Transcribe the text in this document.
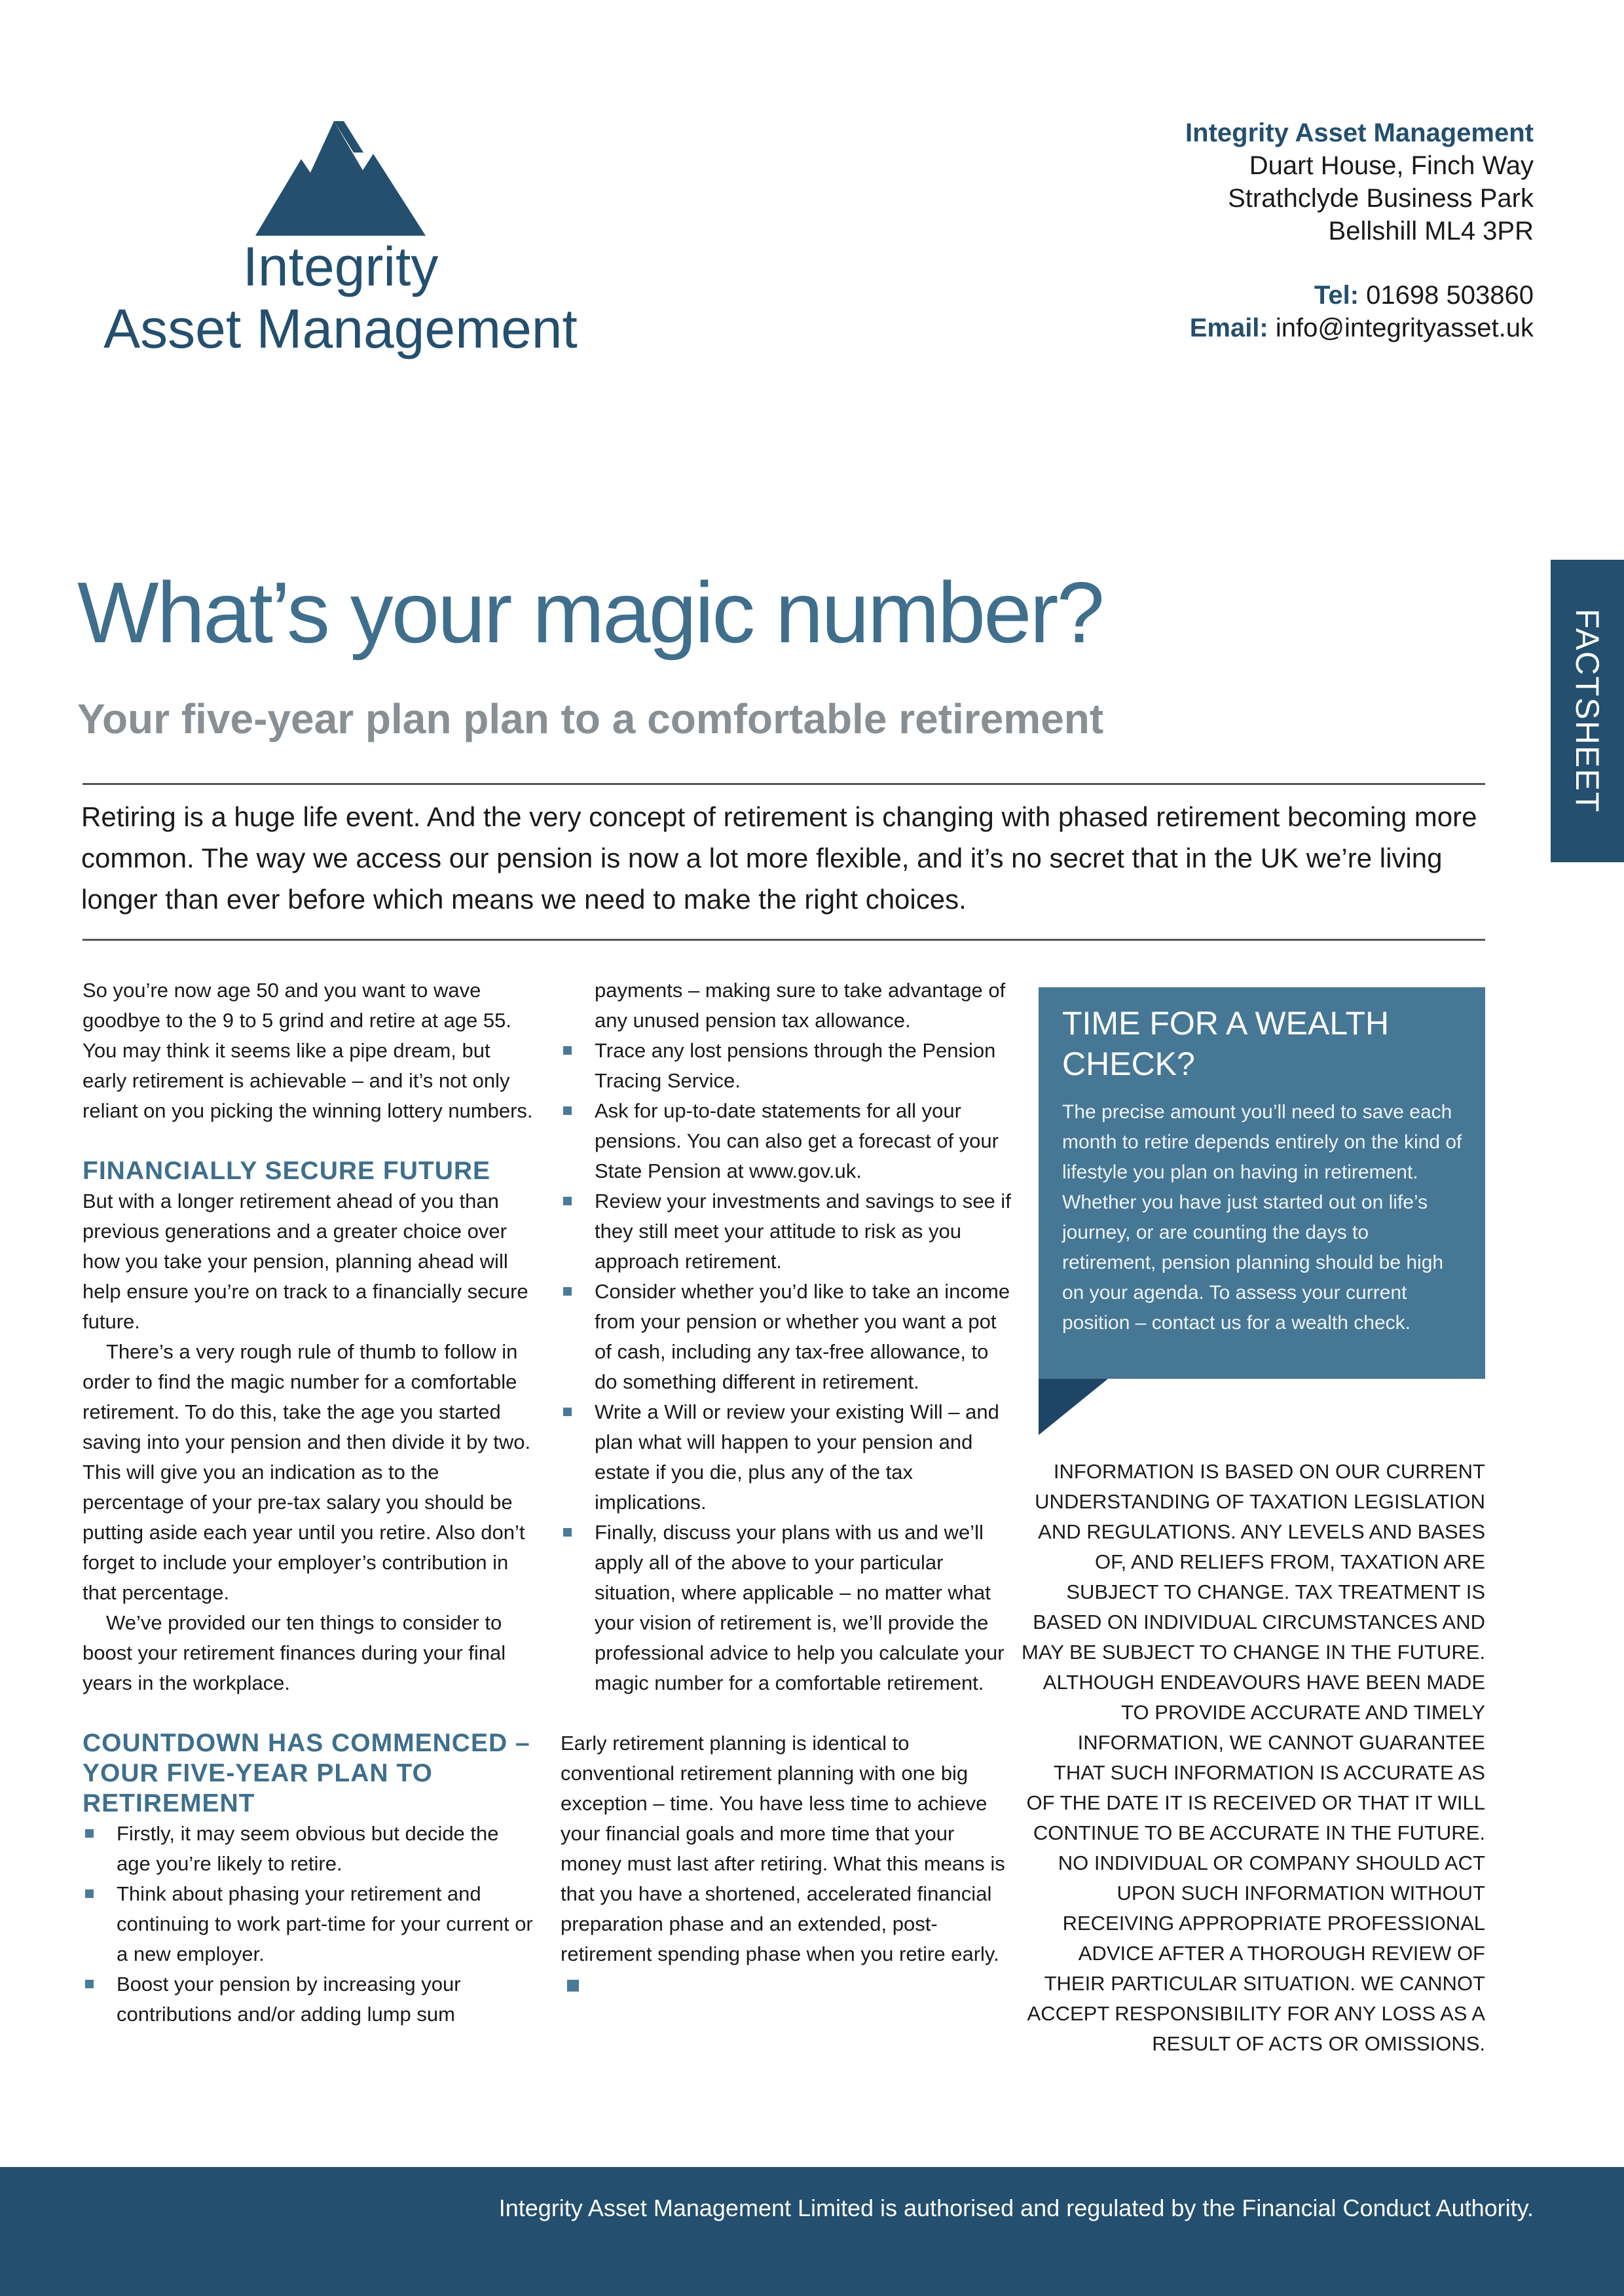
Integrity
Asset Management
Integrity Asset Management
Duart House, Finch Way
Strathclyde Business Park
Bellshill ML4 3PR
Tel: 01698 503860
Email: info@integrityasset.uk
FACTSHEET
What’s your magic number?
Your five-year plan plan to a comfortable retirement

Retiring is a huge life event. And the very concept of retirement is changing with phased retirement becoming more common. The way we access our pension is now a lot more flexible, and it’s no secret that in the UK we’re living longer than ever before which means we need to make the right choices.

So you’re now age 50 and you want to wave goodbye to the 9 to 5 grind and retire at age 55. You may think it seems like a pipe dream, but early retirement is achievable – and it’s not only reliant on you picking the winning lottery numbers.

FINANCIALLY SECURE FUTURE

But with a longer retirement ahead of you than previous generations and a greater choice over how you take your pension, planning ahead will help ensure you’re on track to a financially secure future.

There’s a very rough rule of thumb to follow in order to find the magic number for a comfortable retirement. To do this, take the age you started saving into your pension and then divide it by two. This will give you an indication as to the percentage of your pre-tax salary you should be putting aside each year until you retire. Also don’t forget to include your employer’s contribution in that percentage.

We’ve provided our ten things to consider to boost your retirement finances during your final years in the workplace.

COUNTDOWN HAS COMMENCED – YOUR FIVE-YEAR PLAN TO RETIREMENT
Firstly, it may seem obvious but decide the age you’re likely to retire.
Think about phasing your retirement and continuing to work part-time for your current or a new employer.
Boost your pension by increasing your contributions and/or adding lump sum

payments – making sure to take advantage of any unused pension tax allowance.

Trace any lost pensions through the Pension Tracing Service.
Ask for up-to-date statements for all your pensions. You can also get a forecast of your State Pension at www.gov.uk.
Review your investments and savings to see if they still meet your attitude to risk as you approach retirement.
Consider whether you’d like to take an income from your pension or whether you want a pot of cash, including any tax-free allowance, to do something different in retirement.
Write a Will or review your existing Will – and plan what will happen to your pension and estate if you die, plus any of the tax implications.
Finally, discuss your plans with us and we’ll apply all of the above to your particular situation, where applicable – no matter what your vision of retirement is, we’ll provide the professional advice to help you calculate your magic number for a comfortable retirement.

Early retirement planning is identical to conventional retirement planning with one big exception – time. You have less time to achieve your financial goals and more time that your money must last after retiring. What this means is that you have a shortened, accelerated financial preparation phase and an extended, post-retirement spending phase when you retire early.

TIME FOR A WEALTH CHECK?

The precise amount you’ll need to save each month to retire depends entirely on the kind of lifestyle you plan on having in retirement. Whether you have just started out on life’s journey, or are counting the days to retirement, pension planning should be high on your agenda. To assess your current position – contact us for a wealth check.

INFORMATION IS BASED ON OUR CURRENT UNDERSTANDING OF TAXATION LEGISLATION AND REGULATIONS. ANY LEVELS AND BASES OF, AND RELIEFS FROM, TAXATION ARE SUBJECT TO CHANGE. TAX TREATMENT IS BASED ON INDIVIDUAL CIRCUMSTANCES AND MAY BE SUBJECT TO CHANGE IN THE FUTURE. ALTHOUGH ENDEAVOURS HAVE BEEN MADE TO PROVIDE ACCURATE AND TIMELY INFORMATION, WE CANNOT GUARANTEE THAT SUCH INFORMATION IS ACCURATE AS OF THE DATE IT IS RECEIVED OR THAT IT WILL CONTINUE TO BE ACCURATE IN THE FUTURE. NO INDIVIDUAL OR COMPANY SHOULD ACT UPON SUCH INFORMATION WITHOUT RECEIVING APPROPRIATE PROFESSIONAL ADVICE AFTER A THOROUGH REVIEW OF THEIR PARTICULAR SITUATION. WE CANNOT ACCEPT RESPONSIBILITY FOR ANY LOSS AS A RESULT OF ACTS OR OMISSIONS.

Integrity Asset Management Limited is authorised and regulated by the Financial Conduct Authority.
